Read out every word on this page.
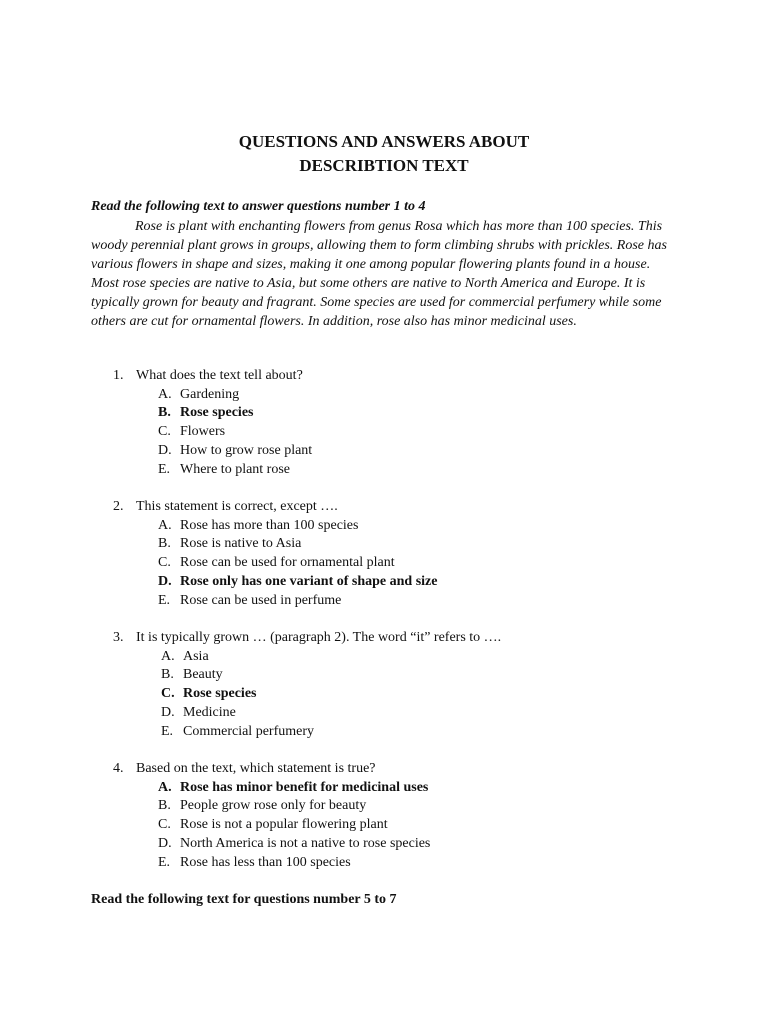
QUESTIONS AND ANSWERS ABOUT
DESCRIBTION TEXT
Read the following text to answer questions number 1 to 4
Rose is plant with enchanting flowers from genus Rosa which has more than 100 species. This
woody perennial plant grows in groups, allowing them to form climbing shrubs with prickles. Rose has
various flowers in shape and sizes, making it one among popular flowering plants found in a house.
Most rose species are native to Asia, but some others are native to North America and Europe. It is
typically grown for beauty and fragrant. Some species are used for commercial perfumery while some
others are cut for ornamental flowers. In addition, rose also has minor medicinal uses.
1. What does the text tell about?
A. Gardening
B. Rose species
C. Flowers
D. How to grow rose plant
E. Where to plant rose
2. This statement is correct, except ….
A. Rose has more than 100 species
B. Rose is native to Asia
C. Rose can be used for ornamental plant
D. Rose only has one variant of shape and size
E. Rose can be used in perfume
3. It is typically grown … (paragraph 2). The word “it” refers to ….
A. Asia
B. Beauty
C. Rose species
D. Medicine
E. Commercial perfumery
4. Based on the text, which statement is true?
A. Rose has minor benefit for medicinal uses
B. People grow rose only for beauty
C. Rose is not a popular flowering plant
D. North America is not a native to rose species
E. Rose has less than 100 species
Read the following text for questions number 5 to 7
